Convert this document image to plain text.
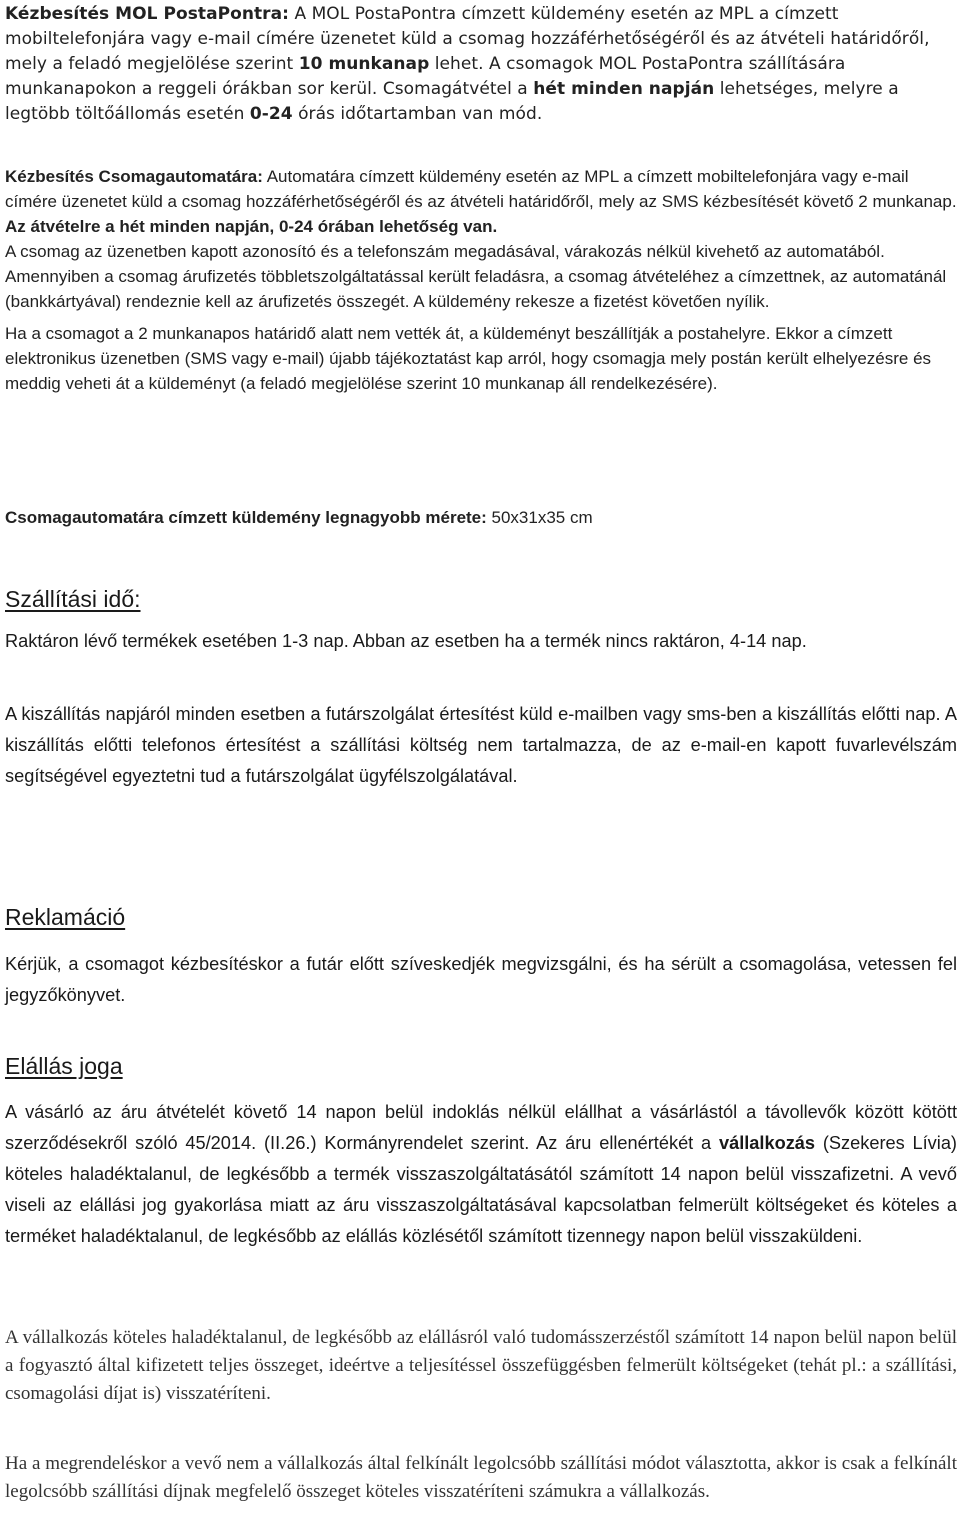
Kézbesítés MOL PostaPontra: A MOL PostaPontra címzett küldemény esetén az MPL a címzett mobiltelefonjára vagy e-mail címére üzenetet küld a csomag hozzáférhetőségéről és az átvételi határidőről, mely a feladó megjelölése szerint 10 munkanap lehet. A csomagok MOL PostaPontra szállítására munkanapokon a reggeli órákban sor kerül. Csomagátvétel a hét minden napján lehetséges, melyre a legtöbb töltőállomás esetén 0-24 órás időtartamban van mód.

Kézbesítés Csomagautomatára: Automatára címzett küldemény esetén az MPL a címzett mobiltelefonjára vagy e-mail címére üzenetet küld a csomag hozzáférhetőségéről és az átvételi határidőről, mely az SMS kézbesítését követő 2 munkanap. Az átvételre a hét minden napján, 0-24 órában lehetőség van.

A csomag az üzenetben kapott azonosító és a telefonszám megadásával, várakozás nélkül kivehető az automatából. Amennyiben a csomag árufizetés többletszolgáltatással került feladásra, a csomag átvételéhez a címzettnek, az automatánál (bankkártyával) rendeznie kell az árufizetés összegét. A küldemény rekesze a fizetést követően nyílik.

Ha a csomagot a 2 munkanapos határidő alatt nem vették át, a küldeményt beszállítják a postahelyre. Ekkor a címzett elektronikus üzenetben (SMS vagy e-mail) újabb tájékoztatást kap arról, hogy csomagja mely postán került elhelyezésre és meddig veheti át a küldeményt (a feladó megjelölése szerint 10 munkanap áll rendelkezésére).

Csomagautomatára címzett küldemény legnagyobb mérete: 50x31x35 cm

Szállítási idő:
Raktáron lévő termékek esetében 1-3 nap. Abban az esetben ha a termék nincs raktáron, 4-14 nap.
A kiszállítás napjáról minden esetben a futárszolgálat értesítést küld e-mailben vagy sms-ben a kiszállítás előtti nap. A kiszállítás előtti telefonos értesítést a szállítási költség nem tartalmazza, de az e-mail-en kapott fuvarlevélszám segítségével egyeztetni tud a futárszolgálat ügyfélszolgálatával.
Reklamáció
Kérjük, a csomagot kézbesítéskor a futár előtt szíveskedjék megvizsgálni, és ha sérült a csomagolása, vetessen fel jegyzőkönyvet.
Elállás joga
A vásárló az áru átvételét követő 14 napon belül indoklás nélkül elállhat a vásárlástól a távollevők között kötött szerződésekről szóló 45/2014. (II.26.) Kormányrendelet szerint. Az áru ellenértékét a vállalkozás (Szekeres Lívia) köteles haladéktalanul, de legkésőbb a termék visszaszolgáltatásától számított 14 napon belül visszafizetni. A vevő viseli az elállási jog gyakorlása miatt az áru visszaszolgáltatásával kapcsolatban felmerült költségeket és köteles a terméket haladéktalanul, de legkésőbb az elállás közlésétől számított tizennegy napon belül visszaküldeni.
A vállalkozás köteles haladéktalanul, de legkésőbb az elállásról való tudomásszerzéstől számított 14 napon belül napon belül a fogyasztó által kifizetett teljes összeget, ideértve a teljesítéssel összefüggésben felmerült költségeket (tehát pl.: a szállítási, csomagolási díjat is) visszatéríteni.
Ha a megrendeléskor a vevő nem a vállalkozás által felkínált legolcsóbb szállítási módot választotta, akkor is csak a felkínált legolcsóbb szállítási díjnak megfelelő összeget köteles visszatéríteni számukra a vállalkozás.
